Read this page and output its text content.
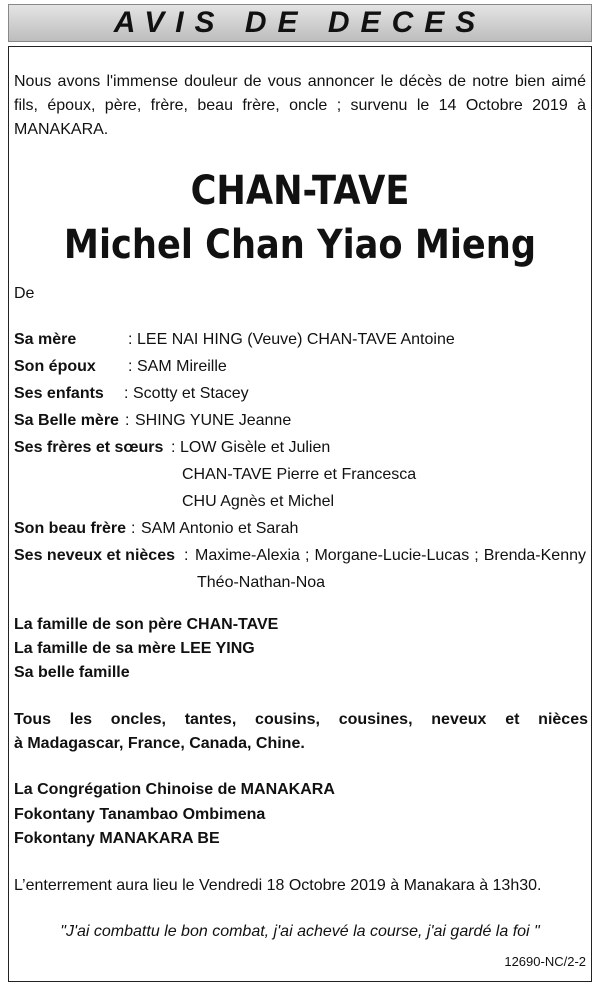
AVIS DE DECES
Nous avons l'immense douleur de vous annoncer le décès de notre bien aimé fils, époux, père, frère, beau frère, oncle ; survenu le 14 Octobre 2019 à MANAKARA.
CHAN-TAVE
Michel Chan Yiao Mieng
De
Sa mère	: LEE NAI HING (Veuve) CHAN-TAVE Antoine
Son époux : SAM Mireille
Ses enfants : Scotty et Stacey
Sa Belle mère : SHING YUNE Jeanne
Ses frères et sœurs : LOW Gisèle et Julien
CHAN-TAVE Pierre et Francesca
CHU Agnès et Michel
Son beau frère : SAM Antonio et Sarah
Ses neveux et nièces : Maxime-Alexia ; Morgane-Lucie-Lucas ; Brenda-Kenny
Théo-Nathan-Noa
La famille de son père CHAN-TAVE
La famille de sa mère LEE YING
Sa belle famille
Tous les oncles, tantes, cousins, cousines, neveux et nièces
à Madagascar, France, Canada, Chine.
La Congrégation Chinoise de MANAKARA
Fokontany Tanambao Ombimena
Fokontany MANAKARA BE
L’enterrement aura lieu le Vendredi 18 Octobre 2019 à Manakara à 13h30.
"J'ai combattu le bon combat, j'ai achevé la course, j'ai gardé la foi "
12690-NC/2-2
